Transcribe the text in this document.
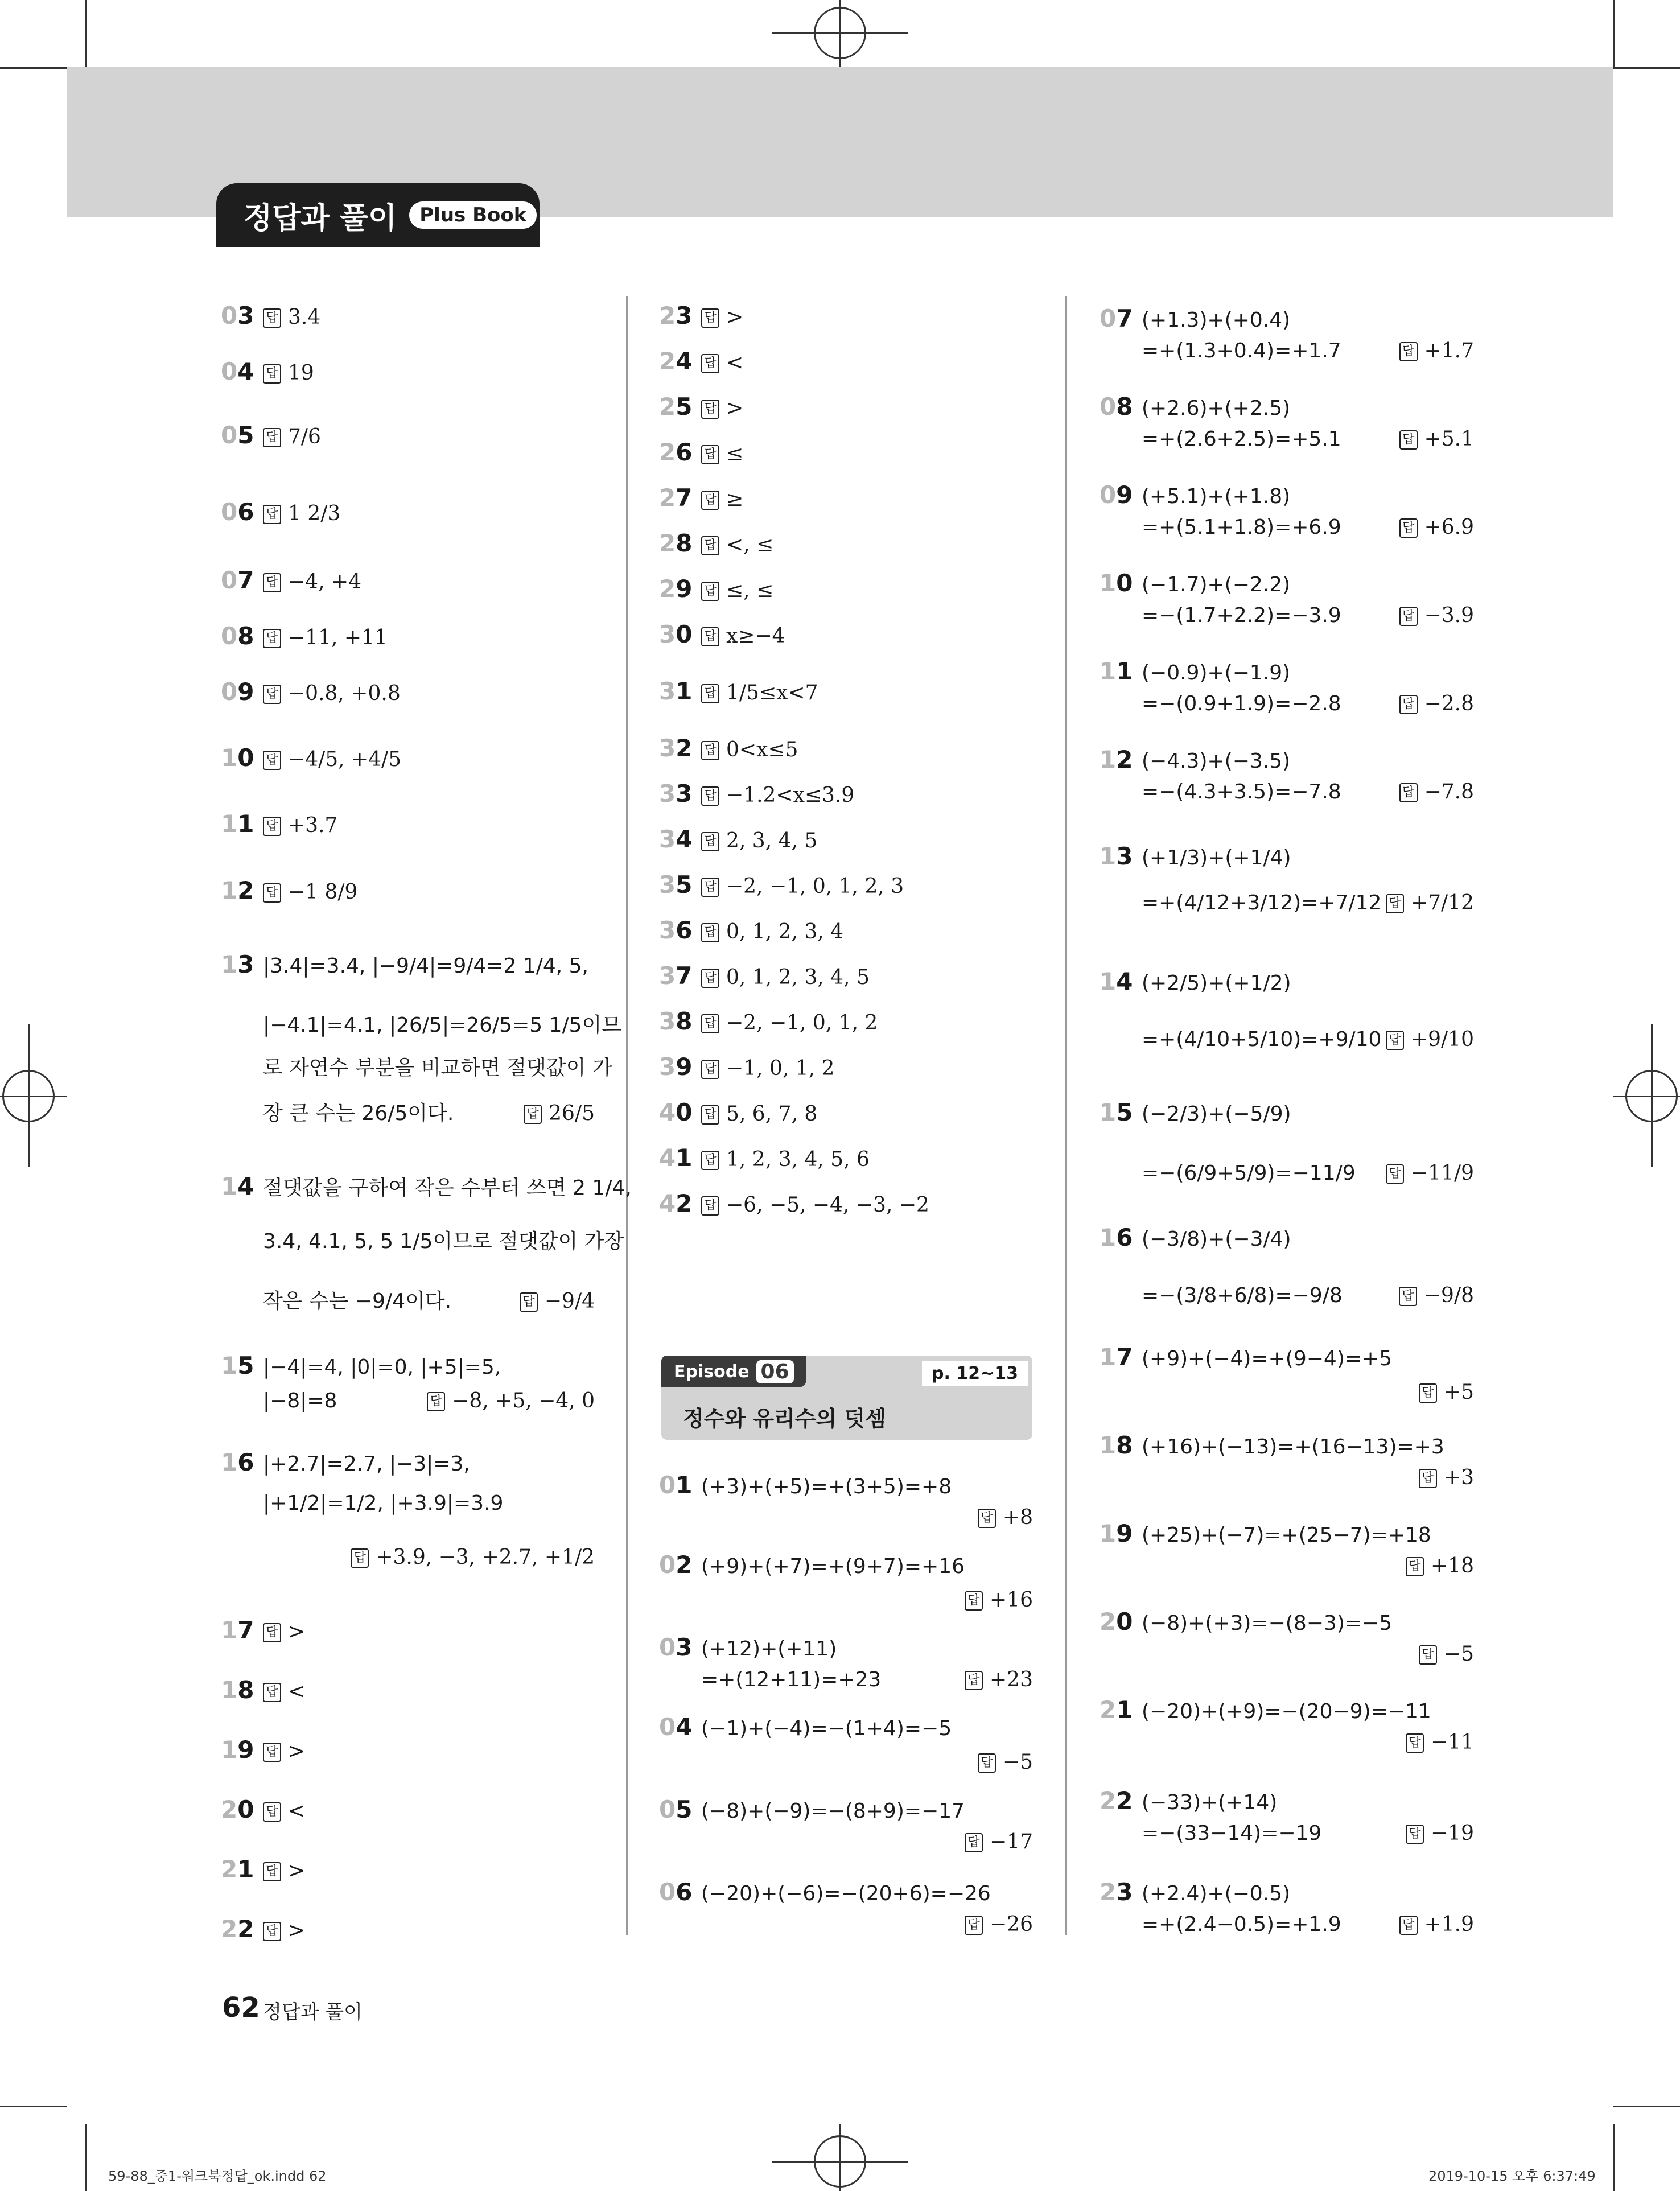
정답과 풀이	Plus Book
03 답 3.4
04 답 19
05 답 7/6
06 답 1 2/3
07 답 −4, +4
08 답 −11, +11
09 답 −0.8, +0.8
10 답 −4/5, +4/5
11 답 +3.7
12 답 −1 8/9
13 |3.4|=3.4, |−9/4|=9/4=2 1/4, 5,
|−4.1|=4.1, |26/5|=26/5=5 1/5이므
로 자연수 부분을 비교하면 절댓값이 가
장 큰 수는 26/5이다.	답 26/5
14 절댓값을 구하여 작은 수부터 쓰면 2 1/4,
3.4, 4.1, 5, 5 1/5이므로 절댓값이 가장
작은 수는 −9/4이다.	답 −9/4
15 |−4|=4, |0|=0, |+5|=5,
|−8|=8	답 −8, +5, −4, 0
16 |+2.7|=2.7, |−3|=3,
|+1/2|=1/2, |+3.9|=3.9
답 +3.9, −3, +2.7, +1/2
17 답 >
18 답 <
19 답 >
20 답 <
21 답 >
22 답 >
23 답 >
24 답 <
25 답 >
26 답 ≤
27 답 ≥
28 답 <, ≤
29 답 ≤, ≤
30 답 x≥−4
31 답 1/5≤x<7
32 답 0<x≤5
33 답 −1.2<x≤3.9
34 답 2, 3, 4, 5
35 답 −2, −1, 0, 1, 2, 3
36 답 0, 1, 2, 3, 4
37 답 0, 1, 2, 3, 4, 5
38 답 −2, −1, 0, 1, 2
39 답 −1, 0, 1, 2
40 답 5, 6, 7, 8
41 답 1, 2, 3, 4, 5, 6
42 답 −6, −5, −4, −3, −2
Episode 06	p. 12~13
정수와 유리수의 덧셈
01 (+3)+(+5)=+(3+5)=+8
답 +8
02 (+9)+(+7)=+(9+7)=+16
답 +16
03 (+12)+(+11)
=+(12+11)=+23	답 +23
04 (−1)+(−4)=−(1+4)=−5
답 −5
05 (−8)+(−9)=−(8+9)=−17
답 −17
06 (−20)+(−6)=−(20+6)=−26
답 −26
07 (+1.3)+(+0.4)
=+(1.3+0.4)=+1.7	답 +1.7
08 (+2.6)+(+2.5)
=+(2.6+2.5)=+5.1	답 +5.1
09 (+5.1)+(+1.8)
=+(5.1+1.8)=+6.9	답 +6.9
10 (−1.7)+(−2.2)
=−(1.7+2.2)=−3.9	답 −3.9
11 (−0.9)+(−1.9)
=−(0.9+1.9)=−2.8	답 −2.8
12 (−4.3)+(−3.5)
=−(4.3+3.5)=−7.8	답 −7.8
13 (+1/3)+(+1/4)
=+(4/12+3/12)=+7/12 답 +7/12
14 (+2/5)+(+1/2)
=+(4/10+5/10)=+9/10 답 +9/10
15 (−2/3)+(−5/9)
=−(6/9+5/9)=−11/9	답 −11/9
16 (−3/8)+(−3/4)
=−(3/8+6/8)=−9/8	답 −9/8
17 (+9)+(−4)=+(9−4)=+5
답 +5
18 (+16)+(−13)=+(16−13)=+3
답 +3
19 (+25)+(−7)=+(25−7)=+18
답 +18
20 (−8)+(+3)=−(8−3)=−5
답 −5
21 (−20)+(+9)=−(20−9)=−11
답 −11
22 (−33)+(+14)
=−(33−14)=−19	답 −19
23 (+2.4)+(−0.5)
=+(2.4−0.5)=+1.9	답 +1.9
62 정답과 풀이
59-88_중1-워크북정답_ok.indd 62	2019-10-15 오후 6:37:49
